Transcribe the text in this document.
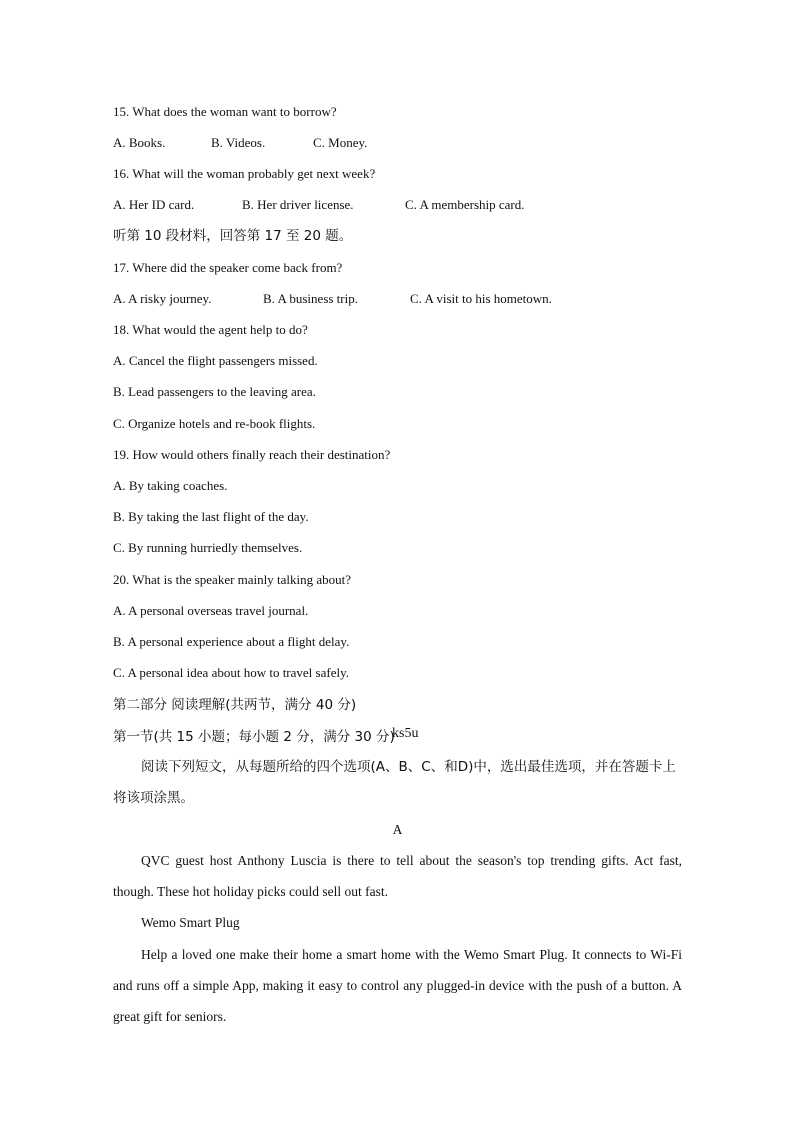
15. What does the woman want to borrow?
A. Books.	B. Videos.	C. Money.
16. What will the woman probably get next week?
A. Her ID card.	B. Her driver license.	C. A membership card.
听第 10 段材料，回答第 17 至 20 题。
17. Where did the speaker come back from?
A. A risky journey.	B. A business trip.	C. A visit to his hometown.
18. What would the agent help to do?
A. Cancel the flight passengers missed.
B. Lead passengers to the leaving area.
C. Organize hotels and re-book flights.
19. How would others finally reach their destination?
A. By taking coaches.
B. By taking the last flight of the day.
C. By running hurriedly themselves.
20. What is the speaker mainly talking about?
A. A personal overseas travel journal.
B. A personal experience about a flight delay.
C. A personal idea about how to travel safely.
第二部分 阅读理解(共两节，满分 40 分)
第一节(共 15 小题；每小题 2 分，满分 30 分)
ks5u
阅读下列短文，从每题所给的四个选项(A、B、C、和D)中，选出最佳选项，并在答题卡上将该项涂黑。
A
QVC guest host Anthony Luscia is there to tell about the season's top trending gifts. Act fast, though. These hot holiday picks could sell out fast.
Wemo Smart Plug
Help a loved one make their home a smart home with the Wemo Smart Plug. It connects to Wi-Fi and runs off a simple App, making it easy to control any plugged-in device with the push of a button. A great gift for seniors.
